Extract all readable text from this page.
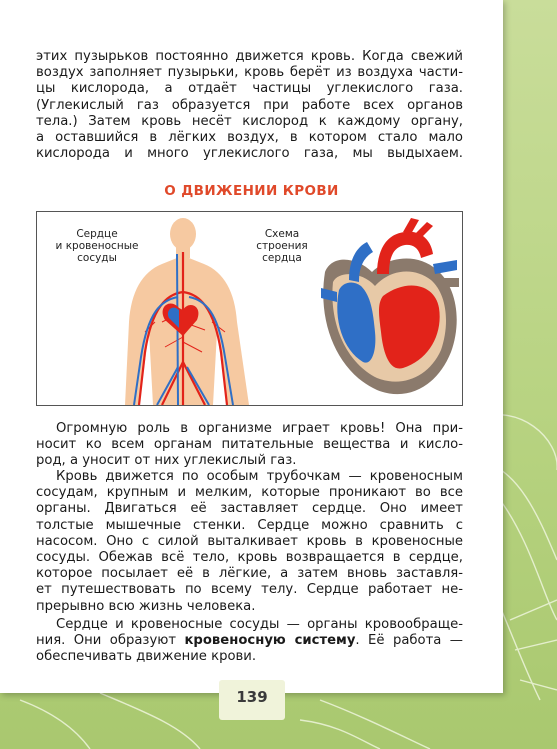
этих пузырьков постоянно движется кровь. Когда свежий
воздух заполняет пузырьки, кровь берёт из воздуха части-
цы кислорода, а отдаёт частицы углекислого газа.
(Углекислый газ образуется при работе всех органов
тела.) Затем кровь несёт кислород к каждому органу,
а оставшийся в лёгких воздух, в котором стало мало
кислорода и много углекислого газа, мы выдыхаем.
О ДВИЖЕНИИ КРОВИ
Сердце
и кровеносные
сосуды
Схема
строения
сердца
Огромную роль в организме играет кровь! Она при-
носит ко всем органам питательные вещества и кисло-
род, а уносит от них углекислый газ.
Кровь движется по особым трубочкам — кровеносным
сосудам, крупным и мелким, которые проникают во все
органы. Двигаться её заставляет сердце. Оно имеет
толстые мышечные стенки. Сердце можно сравнить с
насосом. Оно с силой выталкивает кровь в кровеносные
сосуды. Обежав всё тело, кровь возвращается в сердце,
которое посылает её в лёгкие, а затем вновь заставля-
ет путешествовать по всему телу. Сердце работает не-
прерывно всю жизнь человека.
Сердце и кровеносные сосуды — органы кровообраще-
ния. Они образуют кровеносную систему. Её работа —
обеспечивать движение крови.
139
